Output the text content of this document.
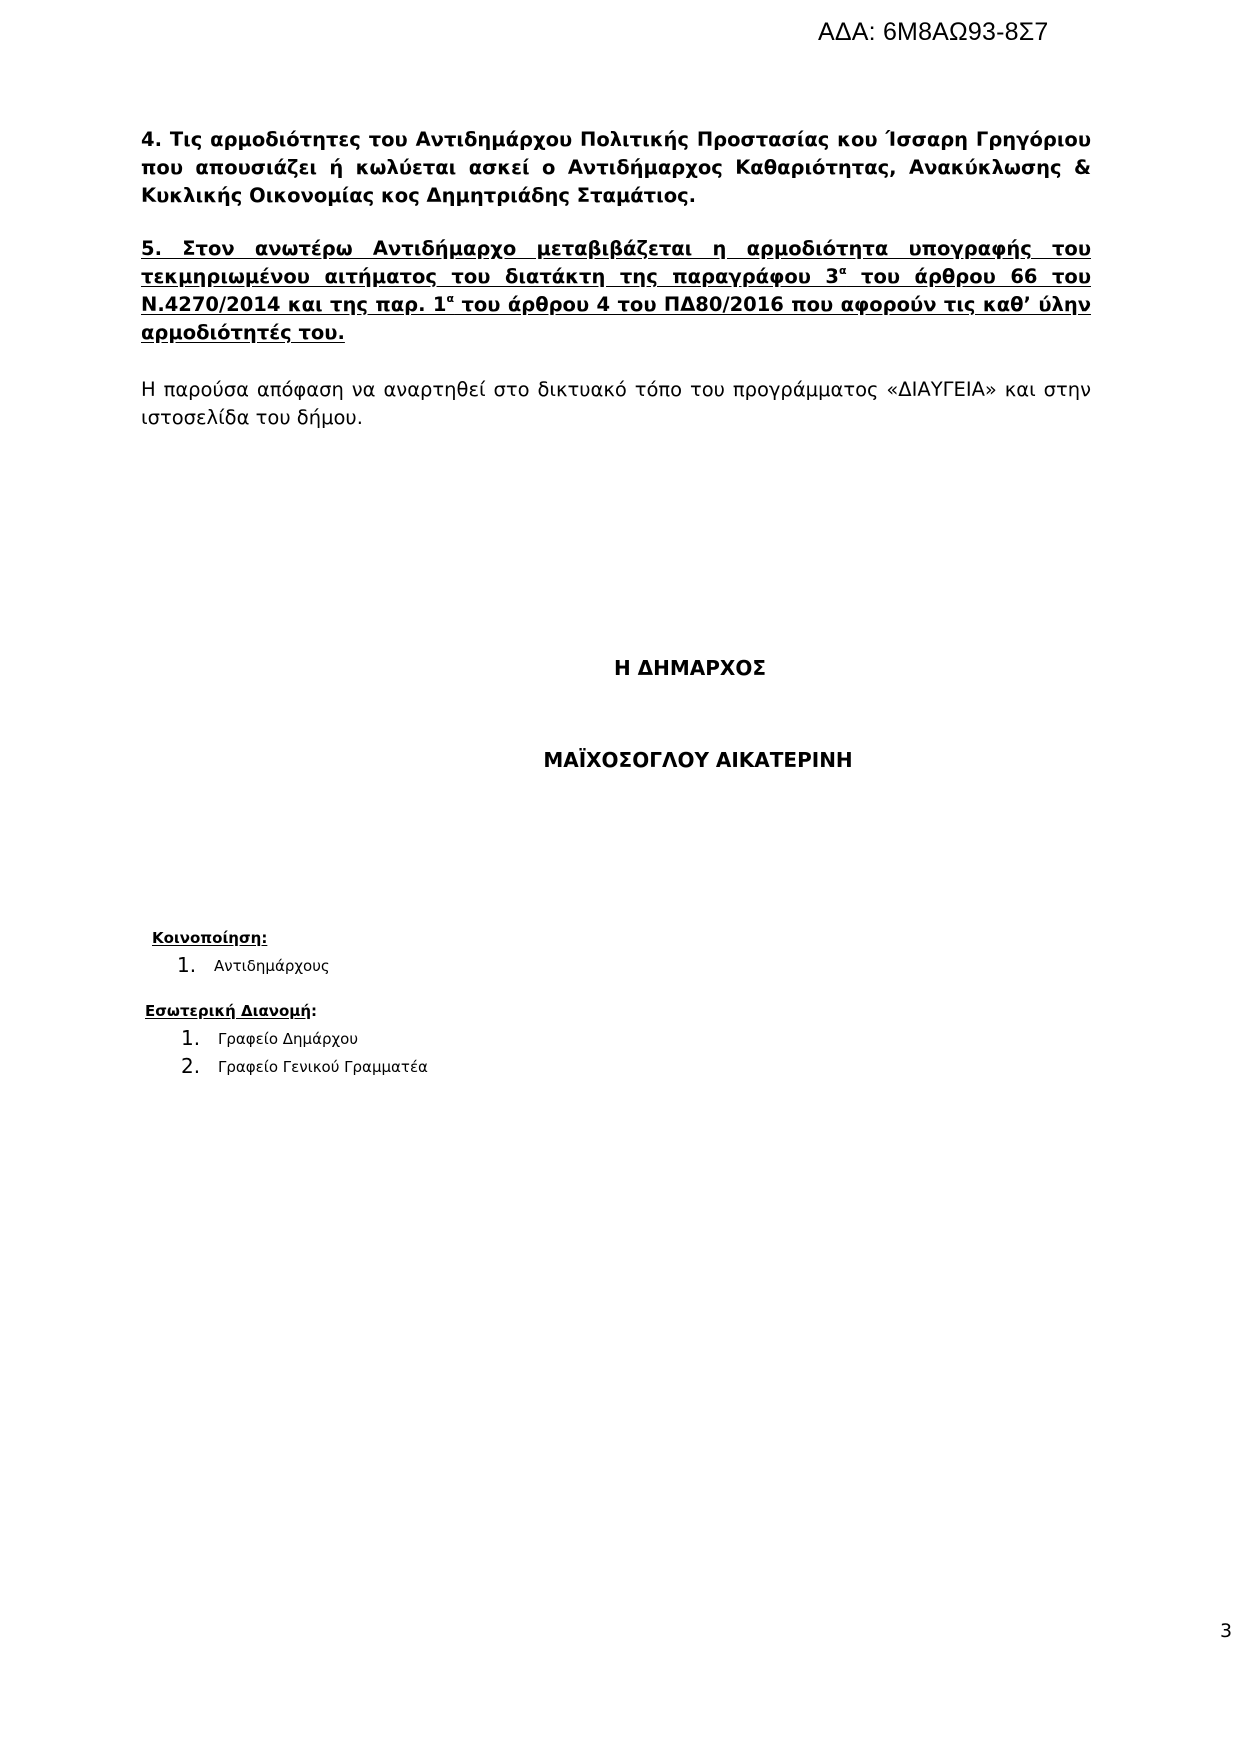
ΑΔΑ: 6Μ8ΑΩ93-8Σ7
4. Τις αρμοδιότητες του Αντιδημάρχου Πολιτικής Προστασίας κου Ίσσαρη Γρηγόριου που απουσιάζει ή κωλύεται ασκεί ο Αντιδήμαρχος Καθαριότητας, Ανακύκλωσης & Κυκλικής Οικονομίας κος Δημητριάδης Σταμάτιος.
5. Στον ανωτέρω Αντιδήμαρχο μεταβιβάζεται η αρμοδιότητα υπογραφής του τεκμηριωμένου αιτήματος του διατάκτη της παραγράφου $3^\alpha$ του άρθρου 66 του Ν.4270/2014 και της παρ. $1^\alpha$ του άρθρου 4 του ΠΔ80/2016 που αφορούν τις καθ’ ύλην αρμοδιότητές του.
Η παρούσα απόφαση να αναρτηθεί στο δικτυακό τόπο του προγράμματος «ΔΙΑΥΓΕΙΑ» και στην ιστοσελίδα του δήμου.
Η ΔΗΜΑΡΧΟΣ
ΜΑΪΧΟΣΟΓΛΟΥ ΑΙΚΑΤΕΡΙΝΗ
Κοινοποίηση:
1. Αντιδημάρχους
Εσωτερική Διανομή:
1. Γραφείο Δημάρχου
2. Γραφείο Γενικού Γραμματέα
3
